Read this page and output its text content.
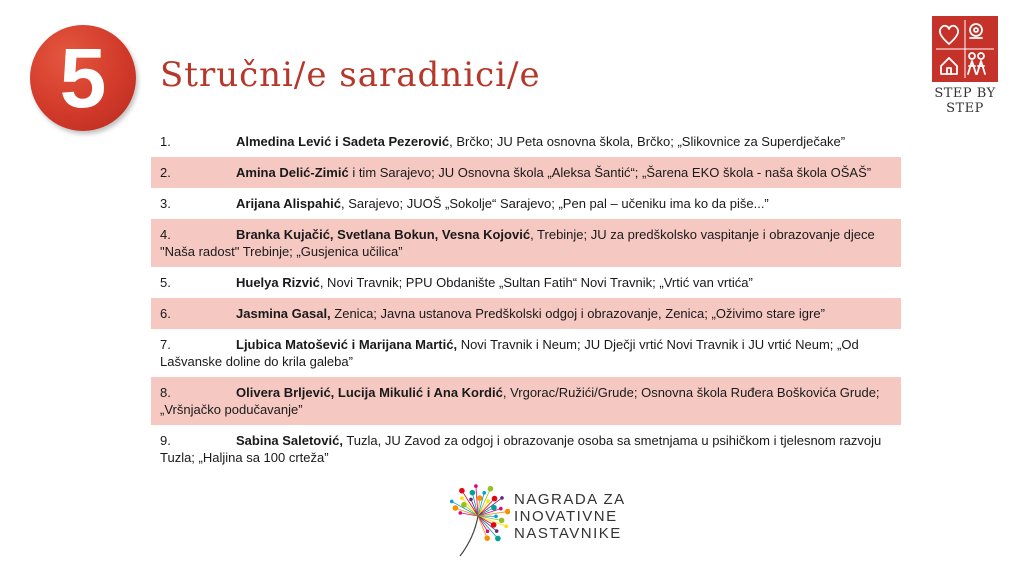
5	Stručni/e saradnici/e	STEP BY STEP
1.	Almedina Lević i Sadeta Pezerović, Brčko; JU Peta osnovna škola, Brčko; „Slikovnice za Superdječake”
2.	Amina Delić-Zimić i tim Sarajevo; JU Osnovna škola „Aleksa Šantić“; „Šarena EKO škola - naša škola OŠAŠ”
3.	Arijana Alispahić, Sarajevo; JUOŠ „Sokolje“ Sarajevo; „Pen pal – učeniku ima ko da piše...”
4.	Branka Kujačić, Svetlana Bokun, Vesna Kojović, Trebinje; JU za predškolsko vaspitanje i obrazovanje djece "Naša radost" Trebinje; „Gusjenica učilica”
5.	Huelya Rizvić, Novi Travnik; PPU Obdanište „Sultan Fatih“ Novi Travnik; „Vrtić van vrtića”
6.	Jasmina Gasal, Zenica; Javna ustanova Predškolski odgoj i obrazovanje, Zenica; „Oživimo stare igre”
7.	Ljubica Matošević i Marijana Martić, Novi Travnik i Neum; JU Dječji vrtić Novi Travnik i JU vrtić Neum; „Od Lašvanske doline do krila galeba”
8.	Olivera Brljević, Lucija Mikulić i Ana Kordić, Vrgorac/Ružići/Grude; Osnovna škola Ruđera Boškovića Grude; „Vršnjačko podučavanje”
9.	Sabina Saletović, Tuzla, JU Zavod za odgoj i obrazovanje osoba sa smetnjama u psihičkom i tjelesnom razvoju Tuzla; „Haljina sa 100 crteža”
NAGRADA ZA
INOVATIVNE
NASTAVNIKE
